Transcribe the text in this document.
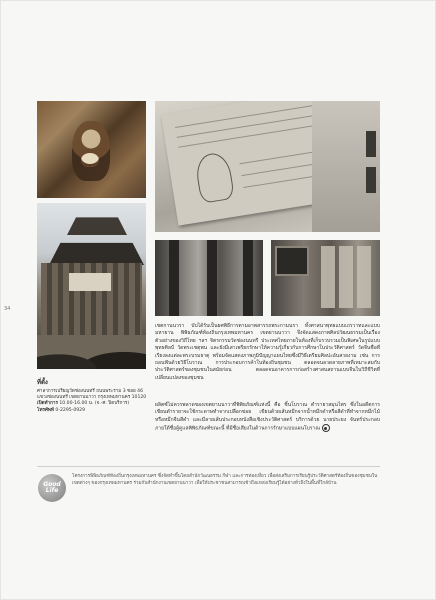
34
เชตกานนวรา บับได้รับเป็นยศพิธีการตามอาพสารรถพระกามนรา ทั้งศาสนาพุทธแบบเถรวาทและแบบมหายาน พิพิธภัณฑ์ท้องถิ่นกรุงเทพมหานคร เขตยานนาวา จึงจัดแสดงภาพศิลปวัฒนธรรมเป็นเรื่องตัวอย่างของวิถีไทย ฯลฯ จิตรกรรมวัดช่องนนทรี ประเทศไทยภายในห้องที่เก็บรวบรวมเป็นพิเศษในรูปแบบพุทธศิลป์ วัดพระเชตุพน และยังมีเสาเพรียกรักษาให้ความรู้เกี่ยวกับการศึกษาในประวัติศาสตร์ วัดจีนชื่อที่เรียงลงแต่ละพระบรมธาตุ พร้อมจัดแสดงภาพภูมิปัญญาแผนไทยซึ่งมีวิธีเตรียมศิลปะอันสวยงาม เช่น การถอนฟันด้วยวิธีโบราณ การประกอบการค้าในท้องถิ่นชุมชน ตลอดจนลวดลายภาพที่เหมาะสมกับประวัติศาสตร์ของชุมชนในสมัยก่อน ตลอดจนอาคารการก่อสร้างศาสนสถานแบบจีนในวิถีชีวิตที่เปลี่ยนแปลงของชุมชน
ผลิตซ์ไม่ควรพลาดของเขตยานนาวาที่พิพิธภัณฑ์แห่งนี้ คือ ชิ้นโบราณ ตำรายาสมุนไพร ซึ่งในอดีตการเขียนตำรายาจะใช้กระดาษทำจากเปลือกข่อย เขียนด้วยเส้นหมึกจากน้ำหมึกดำหรือสีดำที่ทำจากหมึกไม้ หรือหมึกจีนสีดำ และมีลายเส้นประกอบหนังสือเชิงประวัติศาสตร์ บริการด้วย นายประยง จันทร์ประกอบ ภายใต้ชื่อผู้ดูแลพิพิธภัณฑ์ขณะนี้ ที่มีชื่อเสียงในด้านการรักษาแบบแผนโบราณ
ที่ตั้ง
ศาลาการเปรียญวัดช่องนนทรี ถนนพระราม 3 ซอย 46 แขวงช่องนนทรี เขตยานนาวา กรุงเทพมหานคร 10120
เปิดทำการ 10.00-16.00 น. (จ.-ศ. ปิดบริการ)
โทรศัพท์ 0-2295-0929
Good Life
โครงการพิพิธภัณฑ์ท้องถิ่นกรุงเทพมหานคร ซึ่งจัดทำขึ้นโดยสำนักวัฒนธรรม กีฬา และการท่องเที่ยว เพื่อส่งเสริมการเรียนรู้ประวัติศาสตร์ท้องถิ่นของชุมชนในเขตต่างๆ ของกรุงเทพมหานคร ร่วมกับสำนักงานเขตยานนาวา เพื่อให้ประชาชนสามารถเข้าถึงแหล่งเรียนรู้ได้อย่างทั่วถึงในพื้นที่ใกล้บ้าน
